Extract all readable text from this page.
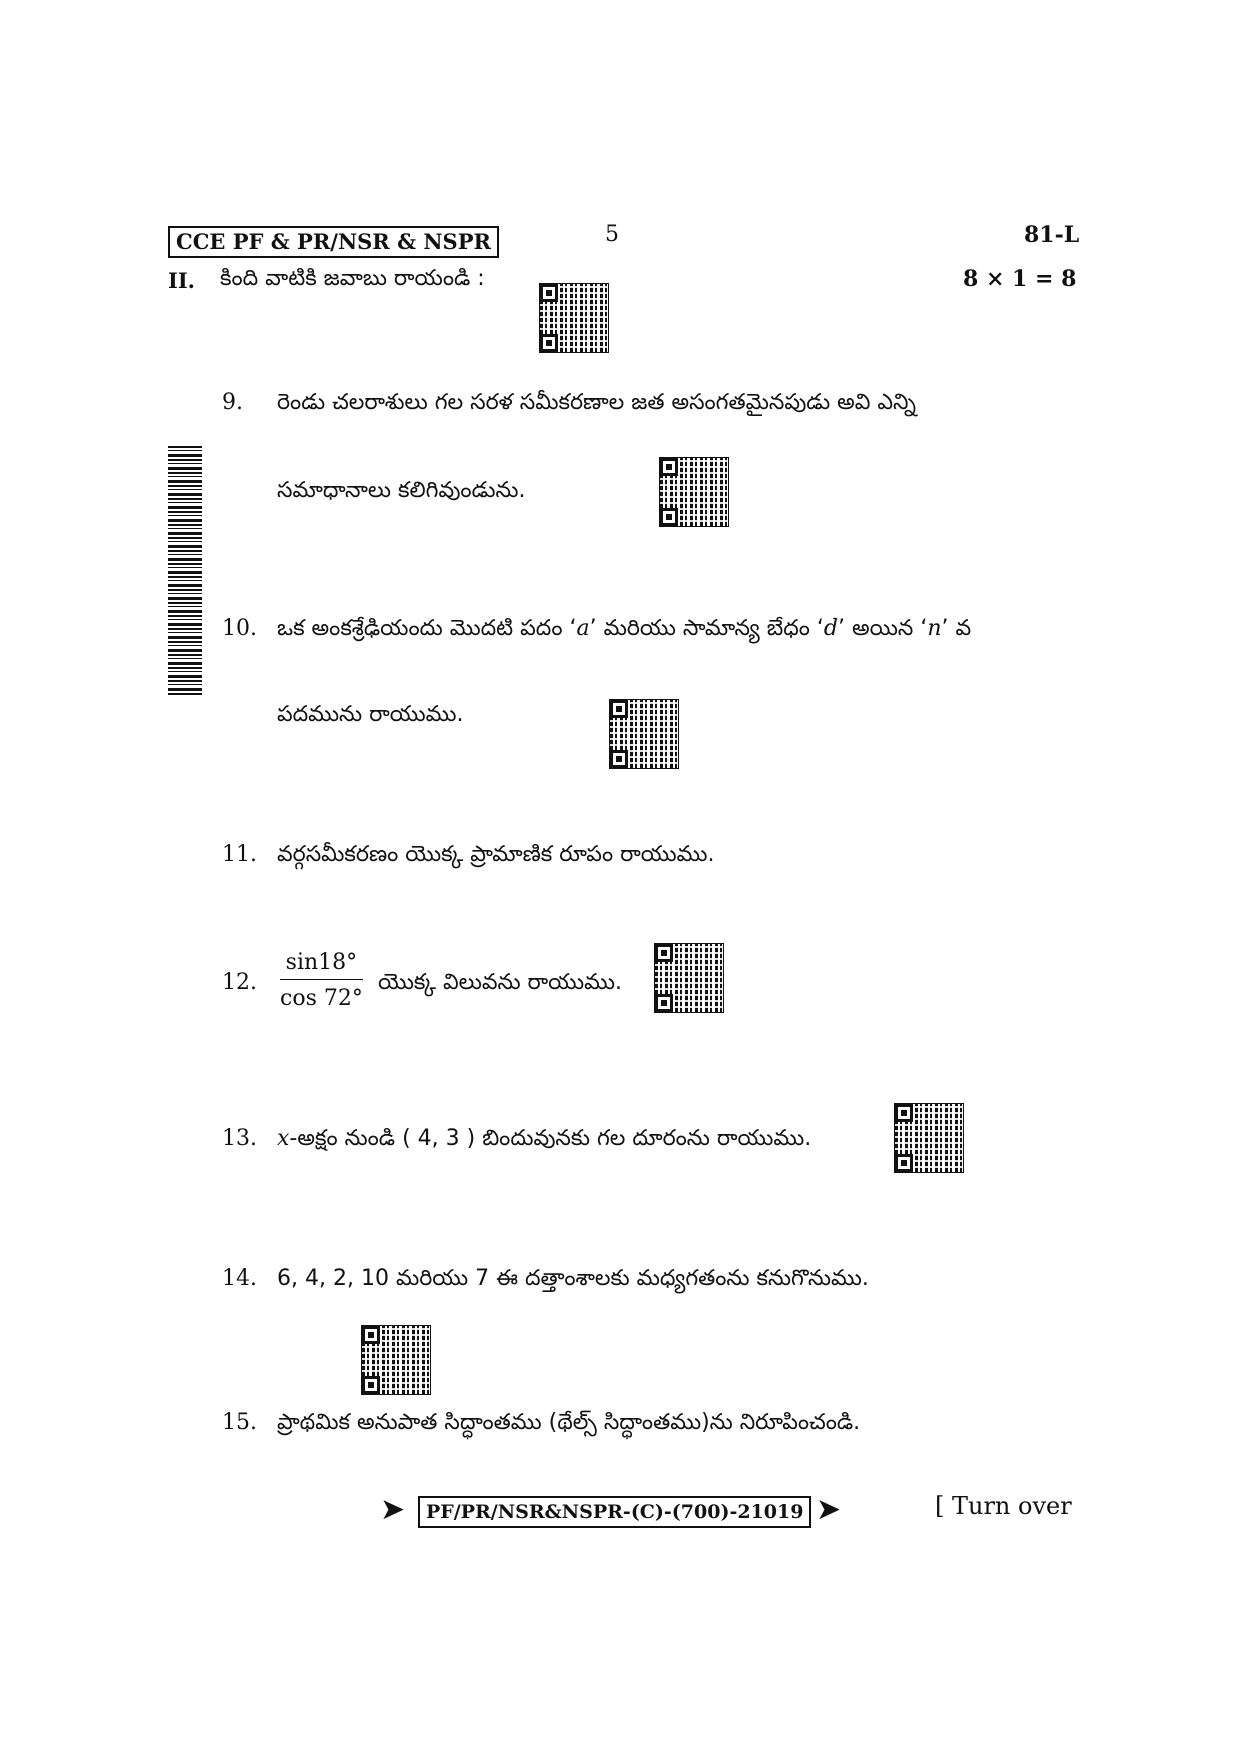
CCE PF & PR/NSR & NSPR	5	81-L
II. కింది వాటికి జవాబు రాయండి :	8 × 1 = 8
9. రెండు చలరాశులు గల సరళ సమీకరణాల జత అసంగతమైనపుడు అవి ఎన్ని
సమాధానాలు కలిగివుండును.
10. ఒక అంకశ్రేఢియందు మొదటి పదం ‘a’ మరియు సామాన్య బేధం ‘d’ అయిన ‘n’ వ
పదమును రాయుము.
11. వర్గసమీకరణం యొక్క ప్రామాణిక రూపం రాయుము.
12. $\frac{\sin 18^\circ}{\cos 72^\circ}$ యొక్క విలువను రాయుము.
13. x-అక్షం నుండి ( 4, 3 ) బిందువునకు గల దూరంను రాయుము.
14. 6, 4, 2, 10 మరియు 7 ఈ దత్తాంశాలకు మధ్యగతంను కనుగొనుము.
15. ప్రాథమిక అనుపాత సిద్ధాంతము (థేల్స్ సిద్ధాంతము)ను నిరూపించండి.
➤	PF/PR/NSR&NSPR-(C)-(700)-21019 ➤	[ Turn over
